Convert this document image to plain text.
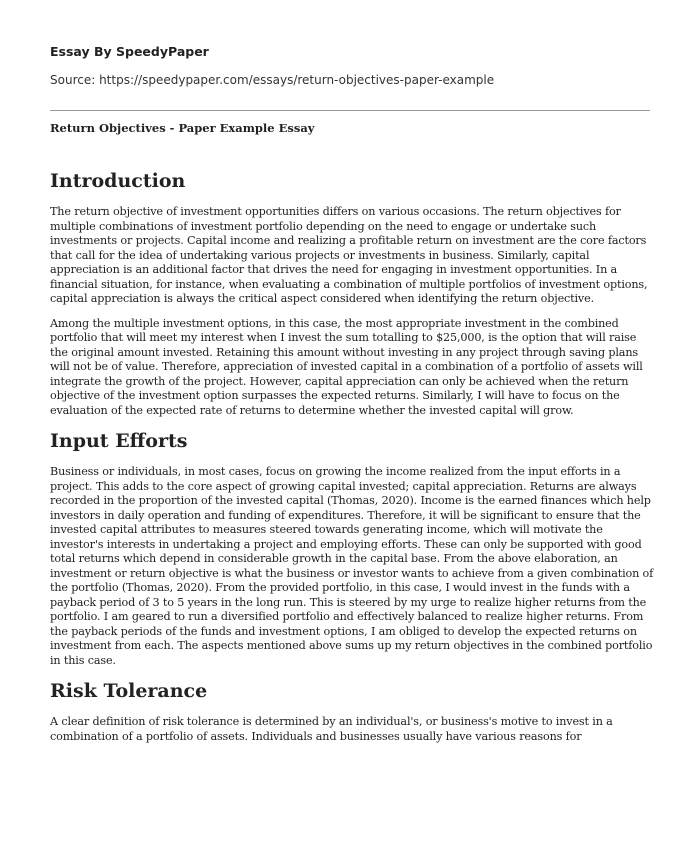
Essay By SpeedyPaper
Source: https://speedypaper.com/essays/return-objectives-paper-example
Return Objectives - Paper Example Essay
Introduction

The return objective of investment opportunities differs on various occasions. The return objectives for multiple combinations of investment portfolio depending on the need to engage or undertake such investments or projects. Capital income and realizing a profitable return on investment are the core factors that call for the idea of undertaking various projects or investments in business. Similarly, capital appreciation is an additional factor that drives the need for engaging in investment opportunities. In a financial situation, for instance, when evaluating a combination of multiple portfolios of investment options, capital appreciation is always the critical aspect considered when identifying the return objective.

Among the multiple investment options, in this case, the most appropriate investment in the combined portfolio that will meet my interest when I invest the sum totalling to $25,000, is the option that will raise the original amount invested. Retaining this amount without investing in any project through saving plans will not be of value. Therefore, appreciation of invested capital in a combination of a portfolio of assets will integrate the growth of the project. However, capital appreciation can only be achieved when the return objective of the investment option surpasses the expected returns. Similarly, I will have to focus on the evaluation of the expected rate of returns to determine whether the invested capital will grow.

Input Efforts

Business or individuals, in most cases, focus on growing the income realized from the input efforts in a project. This adds to the core aspect of growing capital invested; capital appreciation. Returns are always recorded in the proportion of the invested capital (Thomas, 2020). Income is the earned finances which help investors in daily operation and funding of expenditures. Therefore, it will be significant to ensure that the invested capital attributes to measures steered towards generating income, which will motivate the investor's interests in undertaking a project and employing efforts. These can only be supported with good total returns which depend in considerable growth in the capital base. From the above elaboration, an investment or return objective is what the business or investor wants to achieve from a given combination of the portfolio (Thomas, 2020). From the provided portfolio, in this case, I would invest in the funds with a payback period of 3 to 5 years in the long run. This is steered by my urge to realize higher returns from the portfolio. I am geared to run a diversified portfolio and effectively balanced to realize higher returns. From the payback periods of the funds and investment options, I am obliged to develop the expected returns on investment from each. The aspects mentioned above sums up my return objectives in the combined portfolio in this case.

Risk Tolerance

A clear definition of risk tolerance is determined by an individual's, or business's motive to invest in a combination of a portfolio of assets. Individuals and businesses usually have various reasons for
